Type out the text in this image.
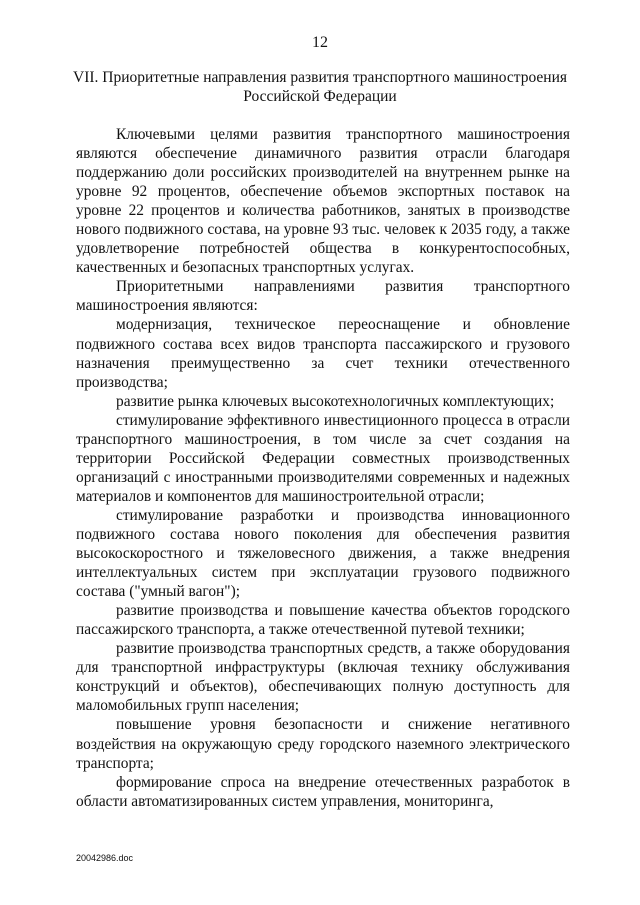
12
VII. Приоритетные направления развития транспортного машиностроения
Российской Федерации

Ключевыми целями развития транспортного машиностроения являются обеспечение динамичного развития отрасли благодаря поддержанию доли российских производителей на внутреннем рынке на уровне 92 процентов, обеспечение объемов экспортных поставок на уровне 22 процентов и количества работников, занятых в производстве нового подвижного состава, на уровне 93 тыс. человек к 2035 году, а также удовлетворение потребностей общества в конкурентоспособных, качественных и безопасных транспортных услугах.

Приоритетными направлениями развития транспортного машиностроения являются:

модернизация, техническое переоснащение и обновление подвижного состава всех видов транспорта пассажирского и грузового назначения преимущественно за счет техники отечественного производства;

развитие рынка ключевых высокотехнологичных комплектующих;

стимулирование эффективного инвестиционного процесса в отрасли транспортного машиностроения, в том числе за счет создания на территории Российской Федерации совместных производственных организаций с иностранными производителями современных и надежных материалов и компонентов для машиностроительной отрасли;

стимулирование разработки и производства инновационного подвижного состава нового поколения для обеспечения развития высокоскоростного и тяжеловесного движения, а также внедрения интеллектуальных систем при эксплуатации грузового подвижного состава ("умный вагон");

развитие производства и повышение качества объектов городского пассажирского транспорта, а также отечественной путевой техники;

развитие производства транспортных средств, а также оборудования для транспортной инфраструктуры (включая технику обслуживания конструкций и объектов), обеспечивающих полную доступность для маломобильных групп населения;

повышение уровня безопасности и снижение негативного воздействия на окружающую среду городского наземного электрического транспорта;

формирование спроса на внедрение отечественных разработок в области автоматизированных систем управления, мониторинга,

20042986.doc
